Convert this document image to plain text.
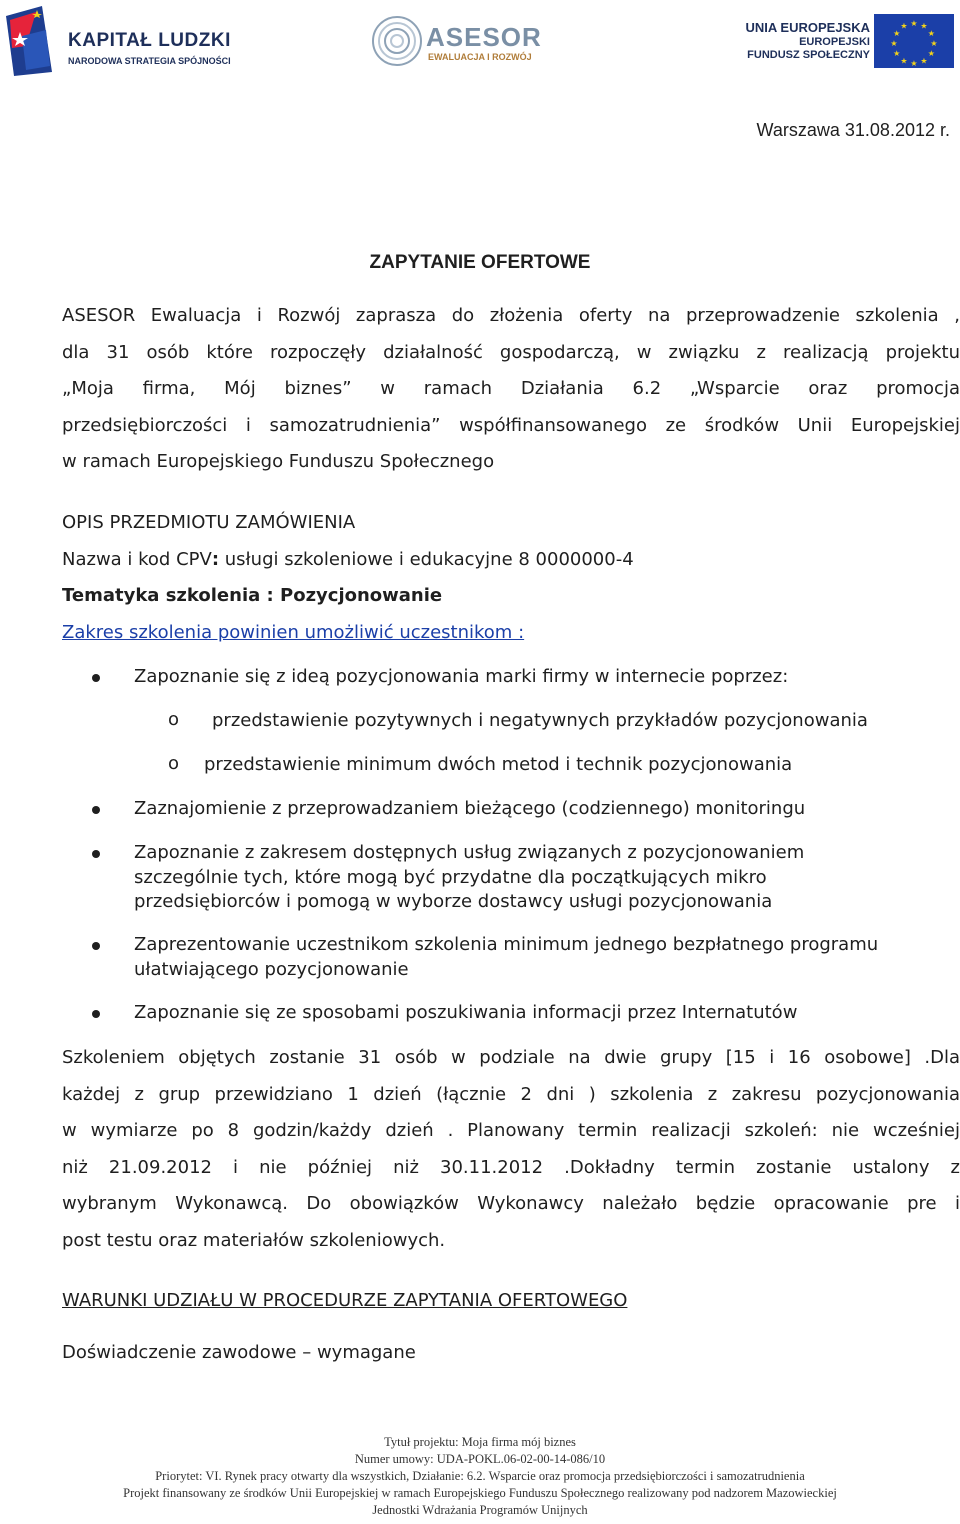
KAPITAŁ LUDZKI
NARODOWA STRATEGIA SPÓJNOŚCI
ASESOR
EWALUACJA I ROZWÓJ
UNIA EUROPEJSKA
EUROPEJSKI
FUNDUSZ SPOŁECZNY
★ ★
★
★
★
★
★
★
★
★
★
★
Warszawa 31.08.2012 r.
ZAPYTANIE OFERTOWE
ASESOR Ewaluacja i Rozwój zaprasza do złożenia oferty na przeprowadzenie szkolenia ,
dla 31 osób które rozpoczęły działalność gospodarczą, w związku z realizacją projektu
„Moja firma, Mój biznes” w ramach Działania 6.2 „Wsparcie oraz promocja
przedsiębiorczości i samozatrudnienia” współfinansowanego ze środków Unii Europejskiej
w ramach Europejskiego Funduszu Społecznego
OPIS PRZEDMIOTU ZAMÓWIENIA
Nazwa i kod CPV: usługi szkoleniowe i edukacyjne 8 0000000-4
Tematyka szkolenia : Pozycjonowanie
Zakres szkolenia powinien umożliwić uczestnikom :
Zapoznanie się z ideą pozycjonowania marki firmy w internecie poprzez:
o przedstawienie pozytywnych i negatywnych przykładów pozycjonowania
o przedstawienie minimum dwóch metod i technik pozycjonowania
Zaznajomienie z przeprowadzaniem bieżącego (codziennego) monitoringu
Zapoznanie z zakresem dostępnych usług związanych z pozycjonowaniem
szczególnie tych, które mogą być przydatne dla początkujących mikro
przedsiębiorców i pomogą w wyborze dostawcy usługi pozycjonowania
Zaprezentowanie uczestnikom szkolenia minimum jednego bezpłatnego programu
ułatwiającego pozycjonowanie
Zapoznanie się ze sposobami poszukiwania informacji przez Internatutów
Szkoleniem objętych zostanie 31 osób w podziale na dwie grupy [15 i 16 osobowe] .Dla
każdej z grup przewidziano 1 dzień (łącznie 2 dni ) szkolenia z zakresu pozycjonowania
w wymiarze po 8 godzin/każdy dzień . Planowany termin realizacji szkoleń: nie wcześniej
niż 21.09.2012 i nie później niż 30.11.2012 .Dokładny termin zostanie ustalony z
wybranym Wykonawcą. Do obowiązków Wykonawcy należało będzie opracowanie pre i
post testu oraz materiałów szkoleniowych.
WARUNKI UDZIAŁU W PROCEDURZE ZAPYTANIA OFERTOWEGO
Doświadczenie zawodowe – wymagane
Tytuł projektu: Moja firma mój biznes
Numer umowy: UDA-POKL.06-02-00-14-086/10
Priorytet: VI. Rynek pracy otwarty dla wszystkich, Działanie: 6.2. Wsparcie oraz promocja przedsiębiorczości i samozatrudnienia
Projekt finansowany ze środków Unii Europejskiej w ramach Europejskiego Funduszu Społecznego realizowany pod nadzorem Mazowieckiej
Jednostki Wdrażania Programów Unijnych
